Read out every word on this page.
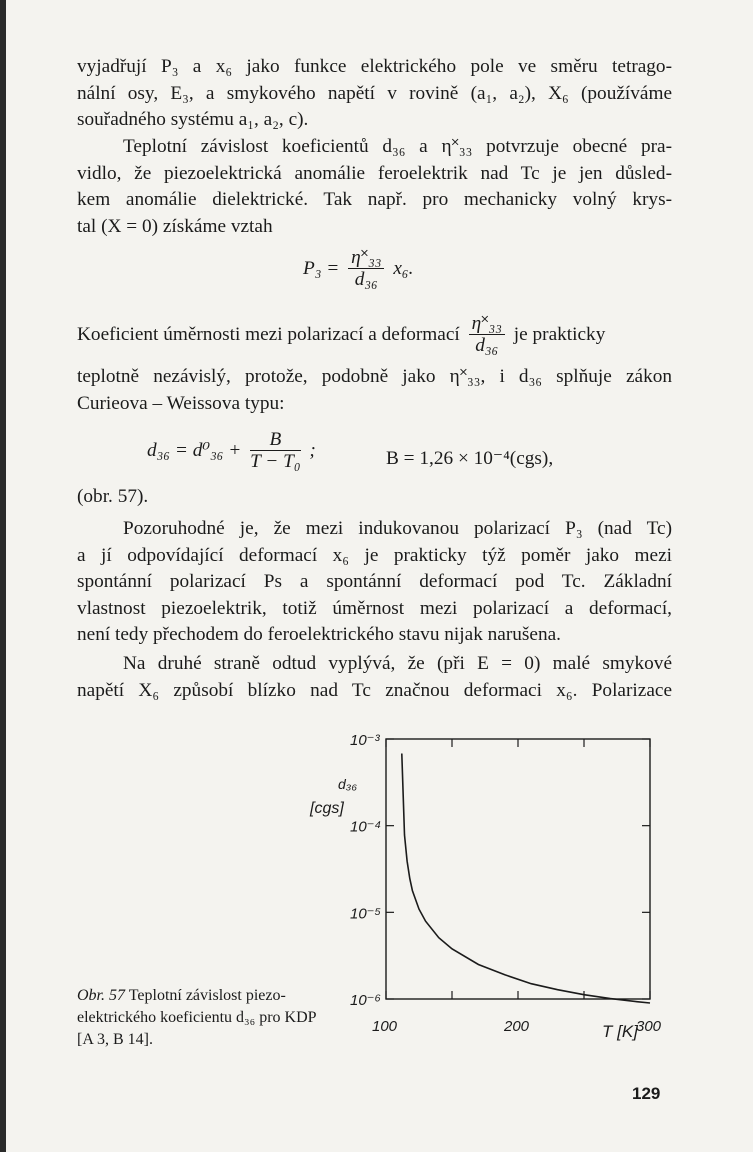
vyjadřují P₃ a x₆ jako funkce elektrického pole ve směru tetrago-
nální osy, E₃, a smykového napětí v rovině (a₁, a₂), X₆ (používáme
souřadného systému a₁, a₂, c).
Teplotní závislost koeficientů d₃₆ a η˟₃₃ potvrzuje obecné pra-
vidlo, že piezoelektrická anomálie feroelektrik nad Tc je jen důsled-
kem anomálie dielektrické. Tak např. pro mechanicky volný krys-
tal (X = 0) získáme vztah
$P_3 = \frac{\text{η˟₃₃}}{\text{d₃₆}} x_6$.
Koeficient úměrnosti mezi polarizací a deformací $\frac{\text{η˟₃₃}}{\text{d₃₆}}$ je prakticky
teplotně nezávislý, protože, podobně jako η˟₃₃, i d₃₆ splňuje zákon
Curieova – Weissova typu:
$d_{36} = d^0_{36} + \frac{B}{\text{T − T₀}}$ ;	B = 1,26 × 10⁻⁴(cgs),
(obr. 57).
Pozoruhodné je, že mezi indukovanou polarizací P₃ (nad Tc)
a jí odpovídající deformací x₆ je prakticky týž poměr jako mezi
spontánní polarizací Ps a spontánní deformací pod Tc. Základní
vlastnost piezoelektrik, totiž úměrnost mezi polarizací a deformací,
není tedy přechodem do feroelektrického stavu nijak narušena.
Na druhé straně odtud vyplývá, že (při E = 0) malé smykové
napětí X₆ způsobí blízko nad Tc značnou deformaci x₆. Polarizace
10⁻³
10⁻⁴
10⁻⁵
10⁻⁶
100	200	300
d₃₆
[cgs]
T [K]
Obr. 57 Teplotní závislost piezo-elektrického koeficientu d₃₆ pro KDP [A 3, B 14].
129
